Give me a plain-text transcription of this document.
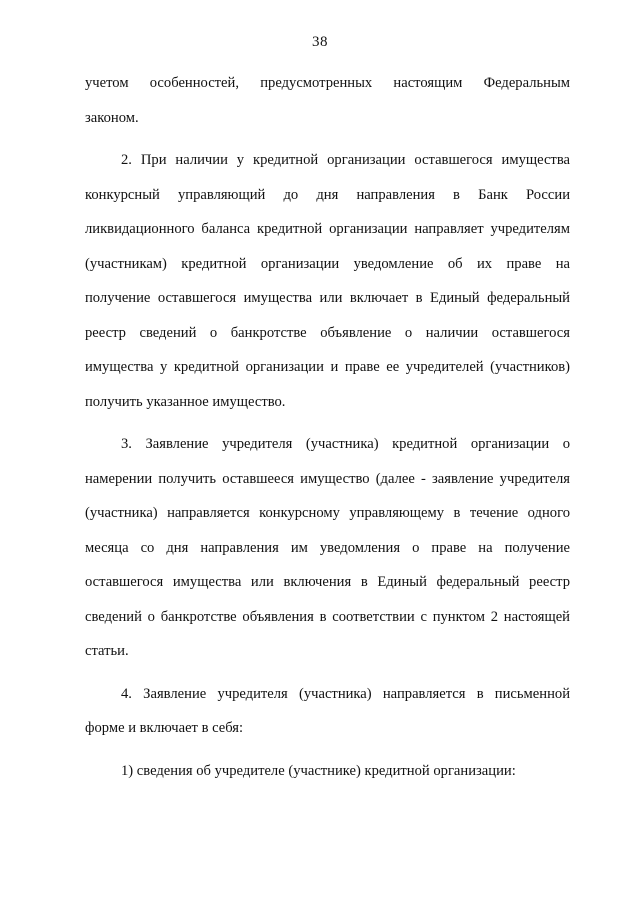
38
учетом особенностей, предусмотренных настоящим Федеральным
законом.
2. При наличии у кредитной организации оставшегося имущества
конкурсный управляющий до дня направления в Банк России
ликвидационного баланса кредитной организации направляет учредителям
(участникам) кредитной организации уведомление об их праве на
получение оставшегося имущества или включает в Единый федеральный
реестр сведений о банкротстве объявление о наличии оставшегося
имущества у кредитной организации и праве ее учредителей (участников)
получить указанное имущество.
3. Заявление учредителя (участника) кредитной организации о
намерении получить оставшееся имущество (далее - заявление учредителя
(участника) направляется конкурсному управляющему в течение одного
месяца со дня направления им уведомления о праве на получение
оставшегося имущества или включения в Единый федеральный реестр
сведений о банкротстве объявления в соответствии с пунктом 2 настоящей
статьи.
4. Заявление учредителя (участника) направляется в письменной
форме и включает в себя:
1) сведения об учредителе (участнике) кредитной организации:
